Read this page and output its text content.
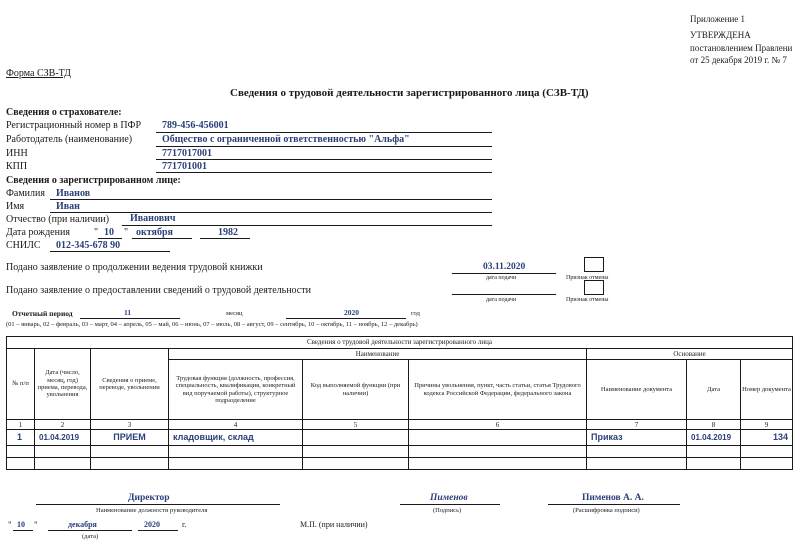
Приложение 1
УТВЕРЖДЕНА
постановлением Правлени
от 25 декабря 2019 г. № 7
Форма СЗВ-ТД
Сведения о трудовой деятельности зарегистрированного лица (СЗВ-ТД)
Сведения о страхователе:
Регистрационный номер в ПФР 789-456-456001
Работодатель (наименование)	Общество с ограниченной ответственностью "Альфа"
ИНН	7717017001
КПП	771701001
Сведения о зарегистрированном лице:
Фамилия Иванов
Имя	Иван
Отчество (при наличии) Иванович
Дата рождения " 10 " октября	1982
СНИЛС 012-345-678 90
Подано заявление о продолжении ведения трудовой книжки	03.11.2020
дата подачи	Признак отмены
Подано заявление о предоставлении сведений о трудовой деятельности
дата подачи	Признак отмены
Отчетный период	11	месяц	2020	год
(01 – январь, 02 – февраль, 03 – март, 04 – апрель, 05 – май, 06 – июнь, 07 – июль, 08 – август, 09 – сентябрь, 10 – октябрь, 11 – ноябрь, 12 – декабрь)
Сведения о трудовой деятельности зарегистрированного лица								
№ п/п	Дата (число, месяц, год) приема, перевода, увольнения	Сведения о приеме, переводе, увольнении	Наименование			Основание		
			Трудовая функция (должность, профессия, специальность, квалификация, конкретный вид поручаемой работы), структурное подразделение	Код выполняемой функции (при наличии)	Причины увольнения, пункт, часть статьи, статья Трудового кодекса Российской Федерации, федерального закона	Наименование документа	Дата	Номер документа
1	2	3	4	5	6	7	8	9
1	01.04.2019	ПРИЕМ	кладовщик, склад			Приказ	01.04.2019	134

Директор
Наименование должности руководителя
Пименов
(Подпись)
Пименов А. А.
(Расшифровка подписи)
" 10 "	декабря	2020	г.
(дата)
М.П. (при наличии)
